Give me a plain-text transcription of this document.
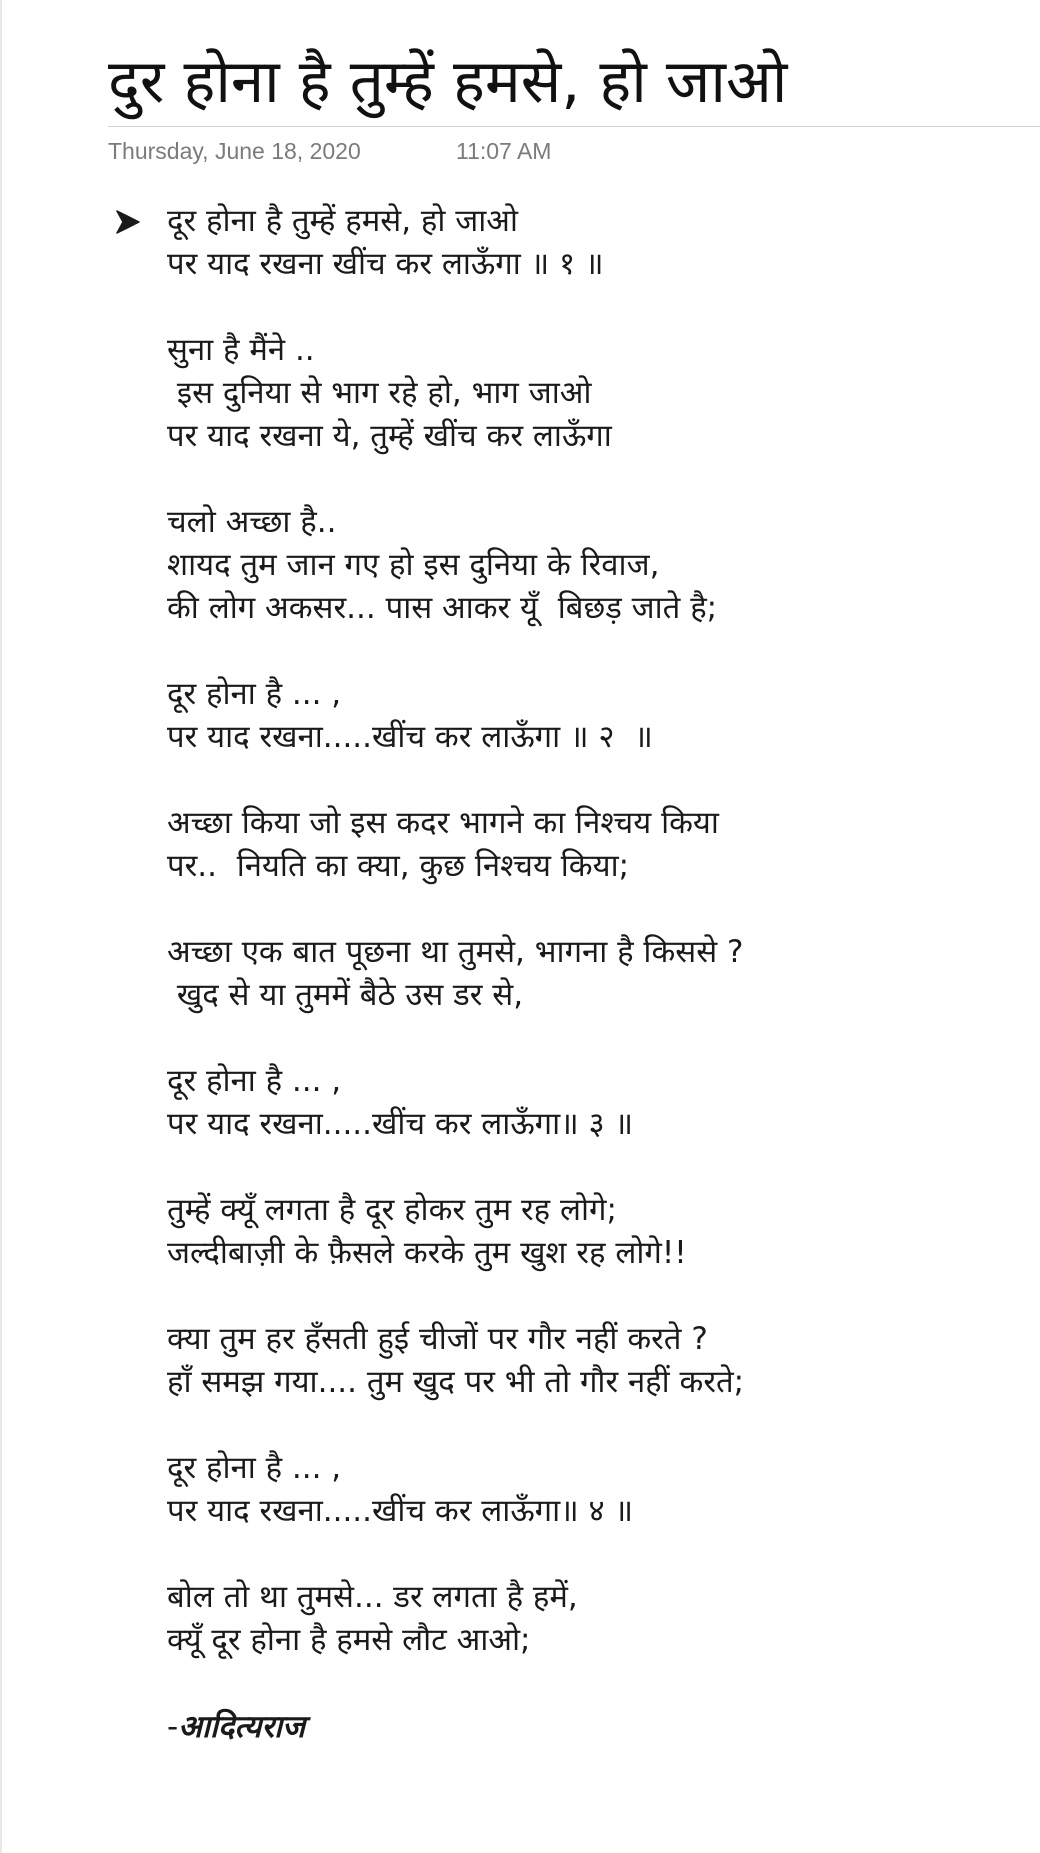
दुर होना है तुम्हें हमसे, हो जाओ
Thursday, June 18, 2020	11:07 AM
दूर होना है तुम्हें हमसे, हो जाओ
पर याद रखना खींच कर लाऊँगा ॥ १ ॥
सुना है मैंने ..
इस दुनिया से भाग रहे हो, भाग जाओ
पर याद रखना ये, तुम्हें खींच कर लाऊँगा
चलो अच्छा है..
शायद तुम जान गए हो इस दुनिया के रिवाज,
की लोग अकसर... पास आकर यूँ  बिछड़ जाते है;
दूर होना है ... ,
पर याद रखना.....खींच कर लाऊँगा ॥ २  ॥
अच्छा किया जो इस कदर भागने का निश्चय किया
पर..  नियति का क्या, कुछ निश्चय किया;
अच्छा एक बात पूछना था तुमसे, भागना है किससे ?
खुद से या तुममें बैठे उस डर से,
दूर होना है ... ,
पर याद रखना.....खींच कर लाऊँगा॥ ३ ॥
तुम्हें क्यूँ लगता है दूर होकर तुम रह लोगे;
जल्दीबाज़ी के फ़ैसले करके तुम खुश रह लोगे!!
क्या तुम हर हँसती हुई चीजों पर गौर नहीं करते ?
हाँ समझ गया.... तुम खुद पर भी तो गौर नहीं करते;
दूर होना है ... ,
पर याद रखना.....खींच कर लाऊँगा॥ ४ ॥
बोल तो था तुमसे... डर लगता है हमें,
क्यूँ दूर होना है हमसे लौट आओ;
-आदित्यराज
